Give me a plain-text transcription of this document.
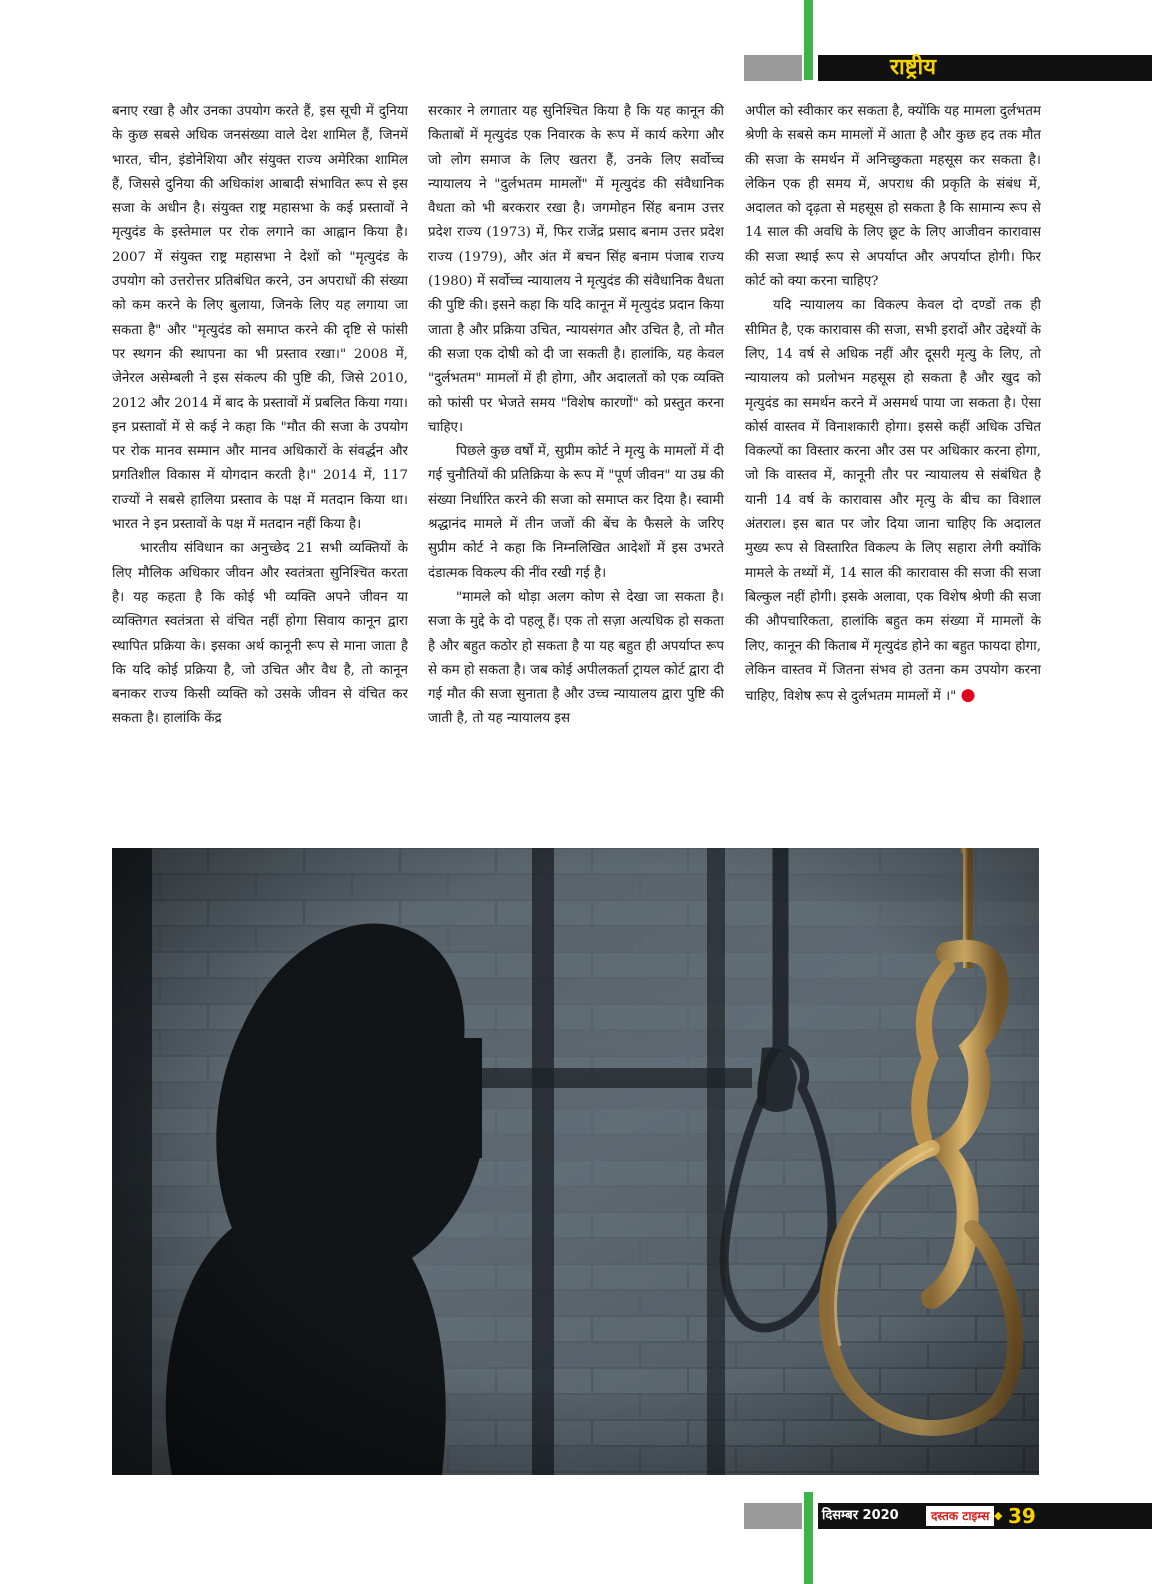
राष्ट्रीय

बनाए रखा है और उनका उपयोग करते हैं, इस सूची में दुनिया के कुछ सबसे अधिक जनसंख्या वाले देश शामिल हैं, जिनमें भारत, चीन, इंडोनेशिया और संयुक्त राज्य अमेरिका शामिल हैं, जिससे दुनिया की अधिकांश आबादी संभावित रूप से इस सजा के अधीन है। संयुक्त राष्ट्र महासभा के कई प्रस्तावों ने मृत्युदंड के इस्तेमाल पर रोक लगाने का आह्वान किया है। 2007 में संयुक्त राष्ट्र महासभा ने देशों को "मृत्युदंड के उपयोग को उत्तरोत्तर प्रतिबंधित करने, उन अपराधों की संख्या को कम करने के लिए बुलाया, जिनके लिए यह लगाया जा सकता है" और "मृत्युदंड को समाप्त करने की दृष्टि से फांसी पर स्थगन की स्थापना का भी प्रस्ताव रखा।" 2008 में, जेनेरल असेम्बली ने इस संकल्प की पुष्टि की, जिसे 2010, 2012 और 2014 में बाद के प्रस्तावों में प्रबलित किया गया। इन प्रस्तावों में से कई ने कहा कि "मौत की सजा के उपयोग पर रोक मानव सम्मान और मानव अधिकारों के संवर्द्धन और प्रगतिशील विकास में योगदान करती है।" 2014 में, 117 राज्यों ने सबसे हालिया प्रस्ताव के पक्ष में मतदान किया था। भारत ने इन प्रस्तावों के पक्ष में मतदान नहीं किया है।

भारतीय संविधान का अनुच्छेद 21 सभी व्यक्तियों के लिए मौलिक अधिकार जीवन और स्वतंत्रता सुनिश्चित करता है। यह कहता है कि कोई भी व्यक्ति अपने जीवन या व्यक्तिगत स्वतंत्रता से वंचित नहीं होगा सिवाय कानून द्वारा स्थापित प्रक्रिया के। इसका अर्थ कानूनी रूप से माना जाता है कि यदि कोई प्रक्रिया है, जो उचित और वैध है, तो कानून बनाकर राज्य किसी व्यक्ति को उसके जीवन से वंचित कर सकता है। हालांकि केंद्र

सरकार ने लगातार यह सुनिश्चित किया है कि यह कानून की किताबों में मृत्युदंड एक निवारक के रूप में कार्य करेगा और जो लोग समाज के लिए खतरा हैं, उनके लिए सर्वोच्च न्यायालय ने "दुर्लभतम मामलों" में मृत्युदंड की संवैधानिक वैधता को भी बरकरार रखा है। जगमोहन सिंह बनाम उत्तर प्रदेश राज्य (1973) में, फिर राजेंद्र प्रसाद बनाम उत्तर प्रदेश राज्य (1979), और अंत में बचन सिंह बनाम पंजाब राज्य (1980) में सर्वोच्च न्यायालय ने मृत्युदंड की संवैधानिक वैधता की पुष्टि की। इसने कहा कि यदि कानून में मृत्युदंड प्रदान किया जाता है और प्रक्रिया उचित, न्यायसंगत और उचित है, तो मौत की सजा एक दोषी को दी जा सकती है। हालांकि, यह केवल "दुर्लभतम" मामलों में ही होगा, और अदालतों को एक व्यक्ति को फांसी पर भेजते समय "विशेष कारणों" को प्रस्तुत करना चाहिए।

पिछले कुछ वर्षों में, सुप्रीम कोर्ट ने मृत्यु के मामलों में दी गई चुनौतियों की प्रतिक्रिया के रूप में "पूर्ण जीवन" या उम्र की संख्या निर्धारित करने की सजा को समाप्त कर दिया है। स्वामी श्रद्धानंद मामले में तीन जजों की बेंच के फैसले के जरिए सुप्रीम कोर्ट ने कहा कि निम्नलिखित आदेशों में इस उभरते दंडात्मक विकल्प की नींव रखी गई है।

"मामले को थोड़ा अलग कोण से देखा जा सकता है। सजा के मुद्दे के दो पहलू हैं। एक तो सज़ा अत्यधिक हो सकता है और बहुत कठोर हो सकता है या यह बहुत ही अपर्याप्त रूप से कम हो सकता है। जब कोई अपीलकर्ता ट्रायल कोर्ट द्वारा दी गई मौत की सजा सुनाता है और उच्च न्यायालय द्वारा पुष्टि की जाती है, तो यह न्यायालय इस

अपील को स्वीकार कर सकता है, क्योंकि यह मामला दुर्लभतम श्रेणी के सबसे कम मामलों में आता है और कुछ हद तक मौत की सजा के समर्थन में अनिच्छुकता महसूस कर सकता है। लेकिन एक ही समय में, अपराध की प्रकृति के संबंध में, अदालत को दृढ़ता से महसूस हो सकता है कि सामान्य रूप से 14 साल की अवधि के लिए छूट के लिए आजीवन कारावास की सजा स्थाई रूप से अपर्याप्त और अपर्याप्त होगी। फिर कोर्ट को क्या करना चाहिए?

यदि न्यायालय का विकल्प केवल दो दण्डों तक ही सीमित है, एक कारावास की सजा, सभी इरादों और उद्देश्यों के लिए, 14 वर्ष से अधिक नहीं और दूसरी मृत्यु के लिए, तो न्यायालय को प्रलोभन महसूस हो सकता है और खुद को मृत्युदंड का समर्थन करने में असमर्थ पाया जा सकता है। ऐसा कोर्स वास्तव में विनाशकारी होगा। इससे कहीं अधिक उचित विकल्पों का विस्तार करना और उस पर अधिकार करना होगा, जो कि वास्तव में, कानूनी तौर पर न्यायालय से संबंधित है यानी 14 वर्ष के कारावास और मृत्यु के बीच का विशाल अंतराल। इस बात पर जोर दिया जाना चाहिए कि अदालत मुख्य रूप से विस्तारित विकल्प के लिए सहारा लेगी क्योंकि मामले के तथ्यों में, 14 साल की कारावास की सजा की सजा बिल्कुल नहीं होगी। इसके अलावा, एक विशेष श्रेणी की सजा की औपचारिकता, हालांकि बहुत कम संख्या में मामलों के लिए, कानून की किताब में मृत्युदंड होने का बहुत फायदा होगा, लेकिन वास्तव में जितना संभव हो उतना कम उपयोग करना चाहिए, विशेष रूप से दुर्लभतम मामलों में ।" ●

दिसम्बर 2020	दस्तक टाइम्स ◆ 39
